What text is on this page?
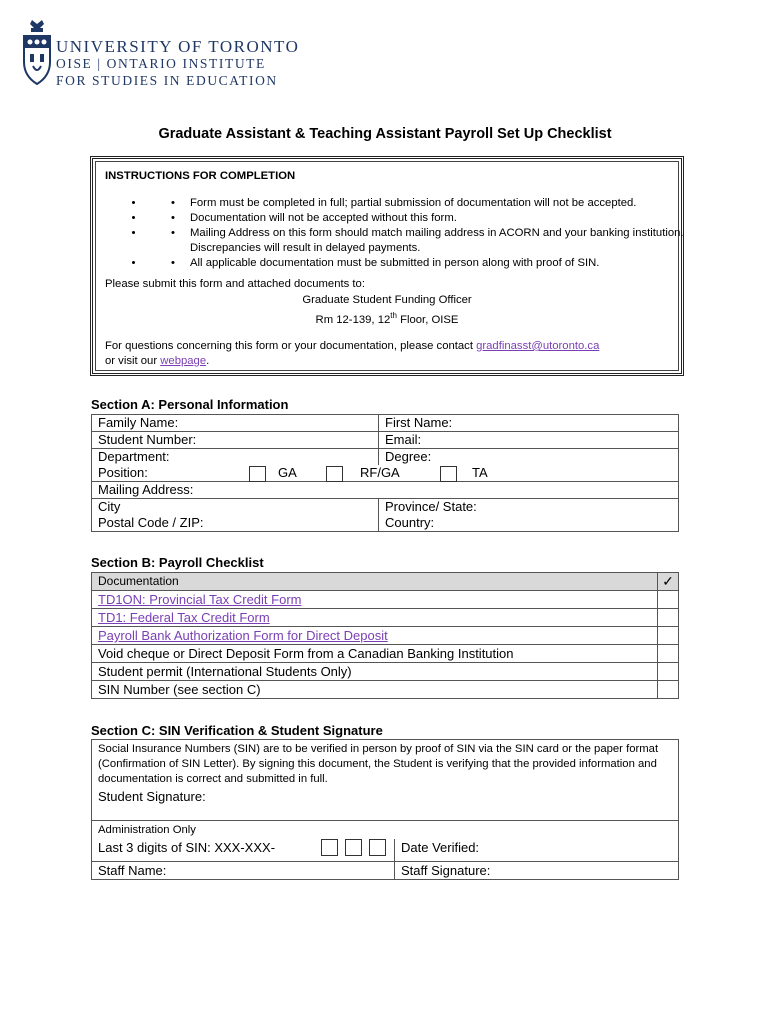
UNIVERSITY OF TORONTO
OISE | ONTARIO INSTITUTE
FOR STUDIES IN EDUCATION
Graduate Assistant & Teaching Assistant Payroll Set Up Checklist
INSTRUCTIONS FOR COMPLETION
• • Form must be completed in full; partial submission of documentation will not be accepted.
• • Documentation will not be accepted without this form.
• • Mailing Address on this form should match mailing address in ACORN and your banking institution. Discrepancies will result in delayed payments.
• • All applicable documentation must be submitted in person along with proof of SIN.
Please submit this form and attached documents to:
Graduate Student Funding Officer
Rm 12-139, 12th Floor, OISE
For questions concerning this form or your documentation, please contact gradfinasst@utoronto.ca
or visit our webpage.
Section A: Personal Information
Family Name:	First Name:
Student Number:	Email:
Department:	Degree:
Position: GA RF/GA TA	

Mailing Address:	
City	Province/ State:
Postal Code / ZIP:	Country:
Section B: Payroll Checklist
Documentation	✓
TD1ON: Provincial Tax Credit Form	
TD1: Federal Tax Credit Form	
Payroll Bank Authorization Form for Direct Deposit	
Void cheque or Direct Deposit Form from a Canadian Banking Institution	
Student permit (International Students Only)	
SIN Number (see section C)	
Section C: SIN Verification & Student Signature
Social Insurance Numbers (SIN) are to be verified in person by proof of SIN via the SIN card or the paper format (Confirmation of SIN Letter). By signing this document, the Student is verifying that the provided information and documentation is correct and submitted in full.	
Student Signature:	
Administration Only	
Last 3 digits of SIN: XXX-XXX-	Date Verified:
Staff Name:	Staff Signature:
